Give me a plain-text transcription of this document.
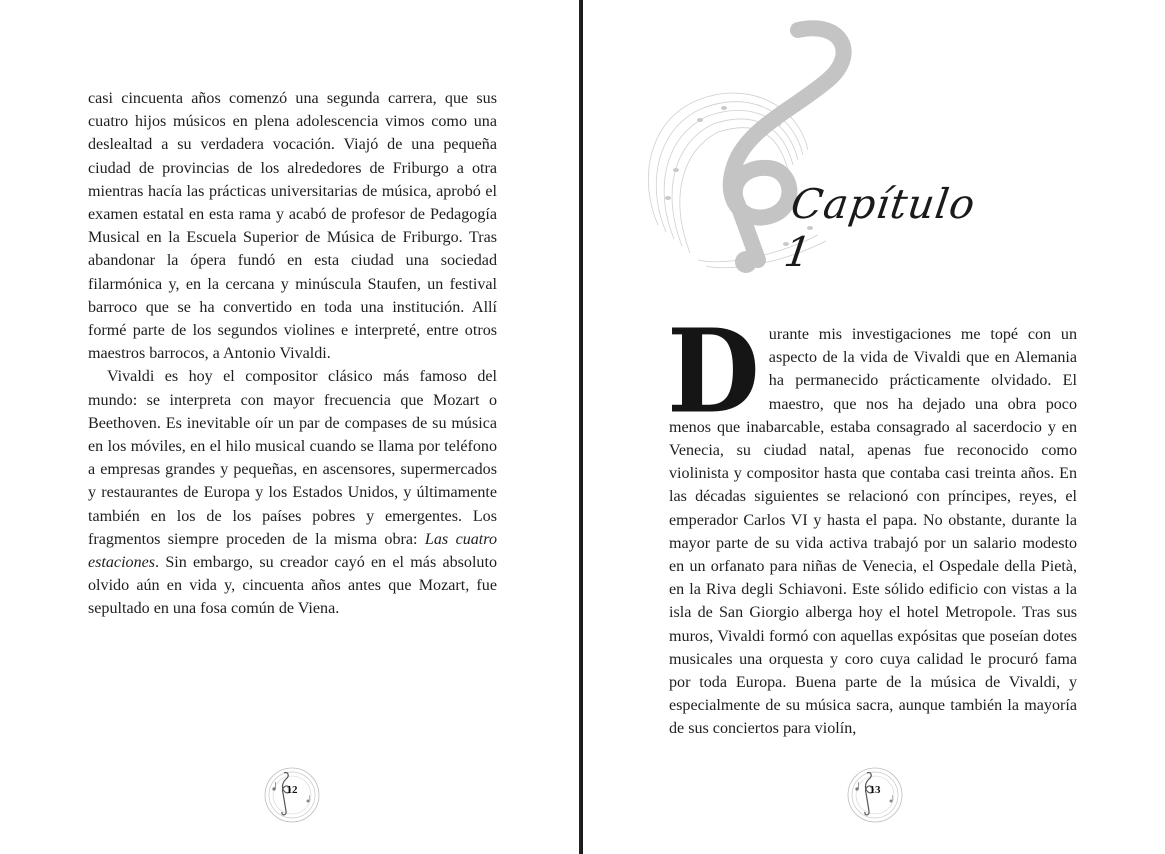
casi cincuenta años comenzó una segunda carrera, que sus cuatro hijos músicos en plena adolescencia vimos como una deslealtad a su verdadera vocación. Viajó de una pequeña ciudad de provincias de los alrededores de Friburgo a otra mientras hacía las prácticas universitarias de música, aprobó el examen estatal en esta rama y acabó de profesor de Pedagogía Musical en la Escuela Superior de Música de Friburgo. Tras abandonar la ópera fundó en esta ciudad una sociedad filarmónica y, en la cercana y minúscula Staufen, un festival barroco que se ha convertido en toda una institución. Allí formé parte de los segundos violines e interpreté, entre otros maestros barrocos, a Antonio Vivaldi.

Vivaldi es hoy el compositor clásico más famoso del mundo: se interpreta con mayor frecuencia que Mozart o Beethoven. Es inevitable oír un par de compases de su música en los móviles, en el hilo musical cuando se llama por teléfono a empresas grandes y pequeñas, en ascensores, supermercados y restaurantes de Europa y los Estados Unidos, y últimamente también en los de los países pobres y emergentes. Los fragmentos siempre proceden de la misma obra: Las cuatro estaciones. Sin embargo, su creador cayó en el más absoluto olvido aún en vida y, cincuenta años antes que Mozart, fue sepultado en una fosa común de Viena.

12
Capítulo 1

Durante mis investigaciones me topé con un aspecto de la vida de Vivaldi que en Alemania ha permanecido prácticamente olvidado. El maestro, que nos ha dejado una obra poco menos que inabarcable, estaba consagrado al sacerdocio y en Venecia, su ciudad natal, apenas fue reconocido como violinista y compositor hasta que contaba casi treinta años. En las décadas siguientes se relacionó con príncipes, reyes, el emperador Carlos VI y hasta el papa. No obstante, durante la mayor parte de su vida activa trabajó por un salario modesto en un orfanato para niñas de Venecia, el Ospedale della Pietà, en la Riva degli Schiavoni. Este sólido edificio con vistas a la isla de San Giorgio alberga hoy el hotel Metropole. Tras sus muros, Vivaldi formó con aquellas expósitas que poseían dotes musicales una orquesta y coro cuya calidad le procuró fama por toda Europa. Buena parte de la música de Vivaldi, y especialmente de su música sacra, aunque también la mayoría de sus conciertos para violín,

13
